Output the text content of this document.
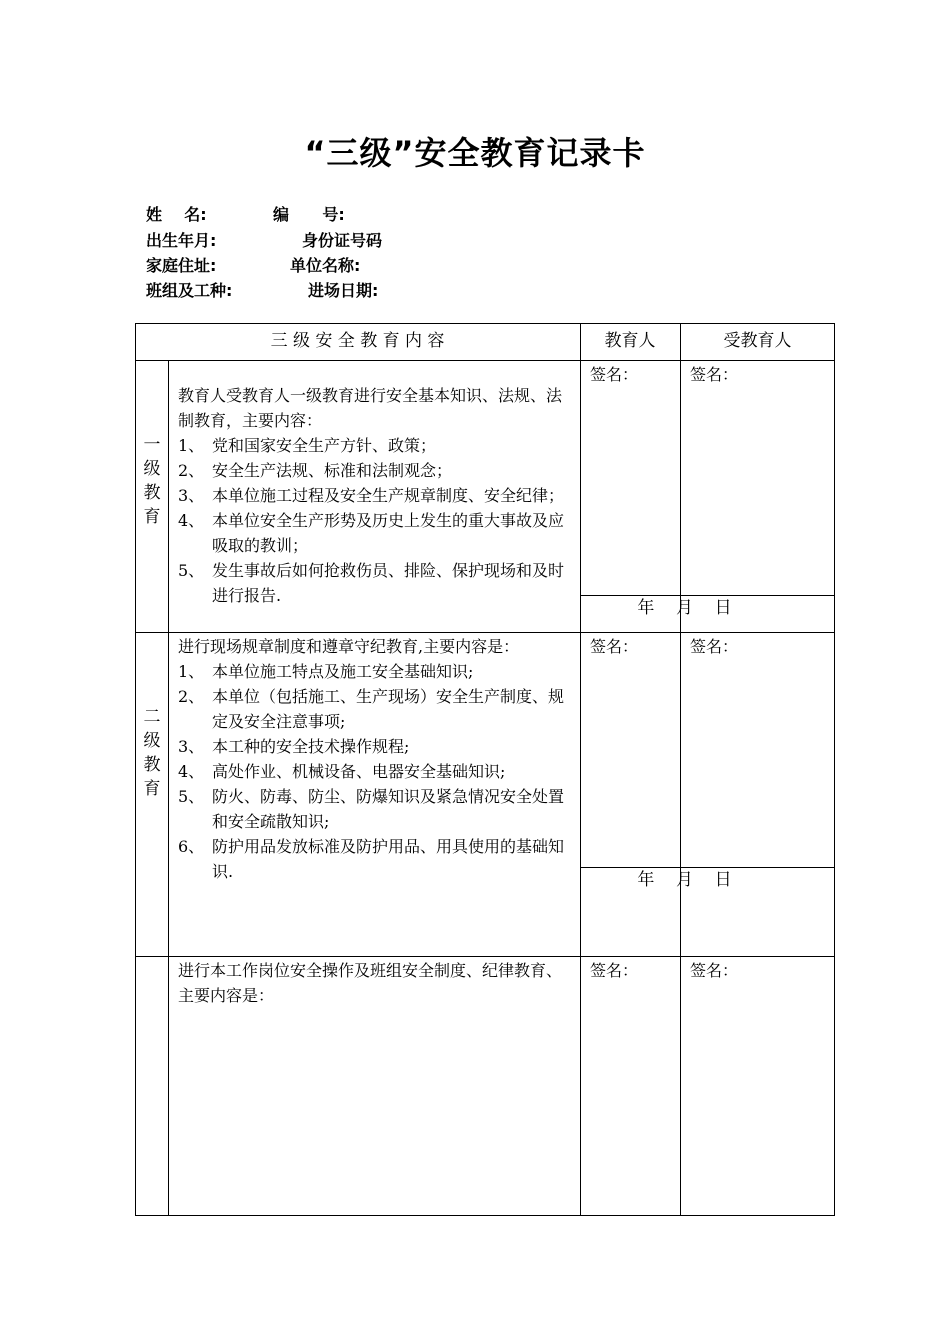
“三级”安全教育记录卡

姓    名:

	编      号:

出生年月:

	身份证号码

家庭住址:

	单位名称:

班组及工种:

	进场日期:

三 级 安 全 教 育 内 容	教育人	受教育人
一
级
教
育
教育人受教育人一级教育进行安全基本知识、法规、法制教育，主要内容：
1、 党和国家安全生产方针、政策；
2、 安全生产法规、标准和法制观念；
3、 本单位施工过程及安全生产规章制度、安全纪律；
4、 本单位安全生产形势及历史上发生的重大事故及应吸取的教训；
5、 发生事故后如何抢救伤员、排险、保护现场和及时进行报告.
签名：	签名：
年    月    日
二
级
教
育
进行现场规章制度和遵章守纪教育,主要内容是：
1、 本单位施工特点及施工安全基础知识;
2、 本单位（包括施工、生产现场）安全生产制度、规定及安全注意事项;
3、 本工种的安全技术操作规程;
4、 高处作业、机械设备、电器安全基础知识;
5、 防火、防毒、防尘、防爆知识及紧急情况安全处置和安全疏散知识;
6、 防护用品发放标准及防护用品、用具使用的基础知识.
签名：	签名：
年    月    日
进行本工作岗位安全操作及班组安全制度、纪律教育、主要内容是：
签名：	签名：
